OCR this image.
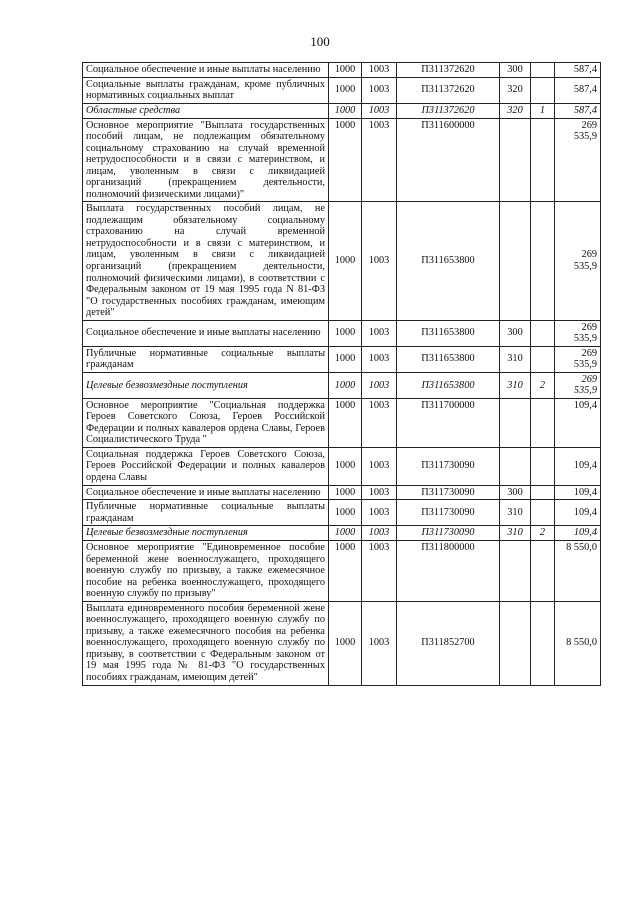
100
Социальное обеспечение и иные выплаты населению	1000	1003	П311372620	300		587,4
Социальные выплаты гражданам, кроме публичных нормативных социальных выплат	1000	1003	П311372620	320		587,4
Областные средства	1000	1003	П311372620	320	1	587,4
Основное мероприятие "Выплата государственных пособий лицам, не подлежащим обязательному социальному страхованию на случай временной нетрудоспособности и в связи с материнством, и лицам, уволенным в связи с ликвидацией организаций (прекращением деятельности, полномочий физическими лицами)"	1000	1003	П311600000			269 535,9
Выплата государственных пособий лицам, не подлежащим обязательному социальному страхованию на случай временной нетрудоспособности и в связи с материнством, и лицам, уволенным в связи с ликвидацией организаций (прекращением деятельности, полномочий физическими лицами), в соответствии с Федеральным законом от 19 мая 1995 года N 81-ФЗ "О государственных пособиях гражданам, имеющим детей"	1000	1003	П311653800			269 535,9
Социальное обеспечение и иные выплаты населению	1000	1003	П311653800	300		269 535,9
Публичные нормативные социальные выплаты гражданам	1000	1003	П311653800	310		269 535,9
Целевые безвозмездные поступления	1000	1003	П311653800	310	2	269 535,9
Основное мероприятие "Социальная поддержка Героев Советского Союза, Героев Российской Федерации и полных кавалеров ордена Славы, Героев Социалистического Труда "	1000	1003	П311700000			109,4
Социальная поддержка Героев Советского Союза, Героев Российской Федерации и полных кавалеров ордена Славы	1000	1003	П311730090			109,4
Социальное обеспечение и иные выплаты населению	1000	1003	П311730090	300		109,4
Публичные нормативные социальные выплаты гражданам	1000	1003	П311730090	310		109,4
Целевые безвозмездные поступления	1000	1003	П311730090	310	2	109,4
Основное мероприятие "Единовременное пособие беременной жене военнослужащего, проходящего военную службу по призыву, а также ежемесячное пособие на ребенка военнослужащего, проходящего военную службу по призыву"	1000	1003	П311800000			8 550,0
Выплата единовременного пособия беременной жене военнослужащего, проходящего военную службу по призыву, а также ежемесячного пособия на ребенка военнослужащего, проходящего военную службу по призыву, в соответствии с Федеральным законом от 19 мая 1995 года № 81-ФЗ "О государственных пособиях гражданам, имеющим детей"	1000	1003	П311852700			8 550,0
